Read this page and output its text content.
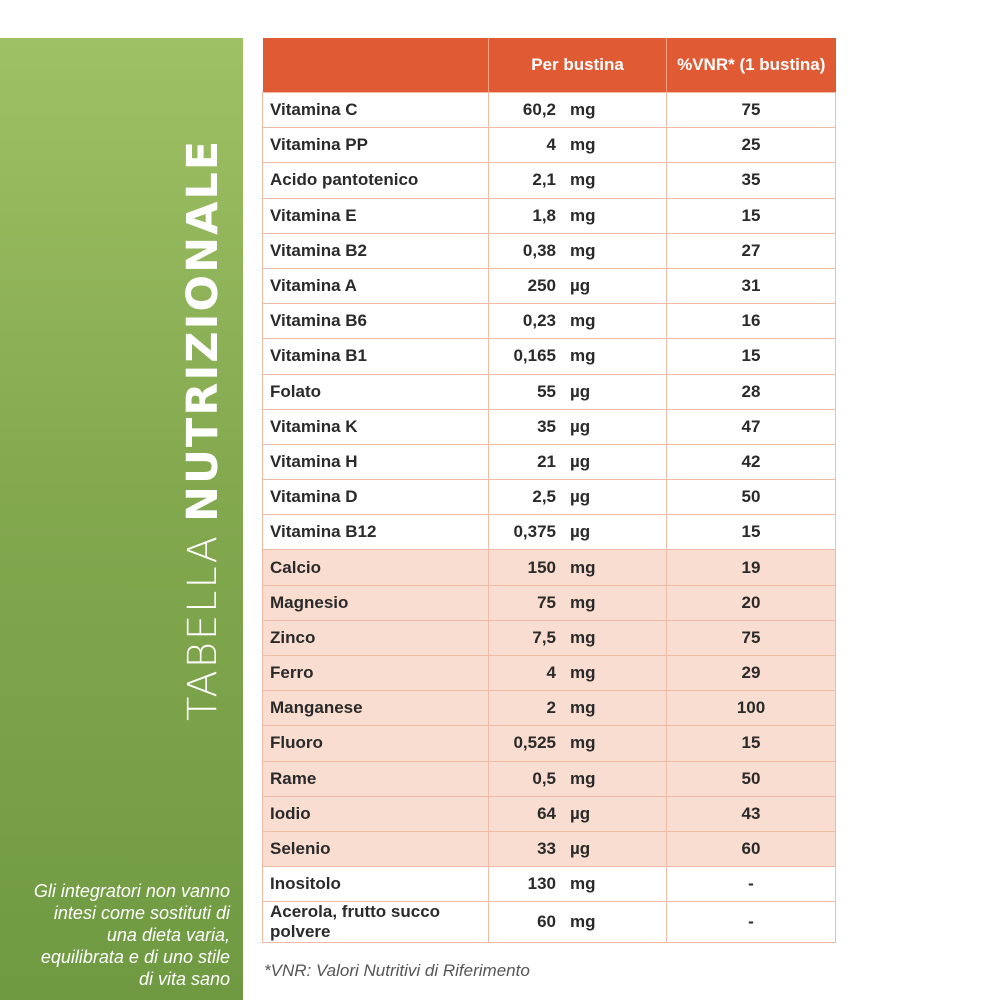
TABELLA
NUTRIZIONALE
Gli integratori non vanno intesi come sostituti di una dieta varia, equilibrata e di uno stile di vita sano
	Per bustina	%VNR* (1 bustina)
Vitamina C	60,2 mg	75
Vitamina PP	4 mg	25
Acido pantotenico	2,1 mg	35
Vitamina E	1,8 mg	15
Vitamina B2	0,38 mg	27
Vitamina A	250 µg	31
Vitamina B6	0,23 mg	16
Vitamina B1	0,165 mg	15
Folato	55 µg	28
Vitamina K	35 µg	47
Vitamina H	21 µg	42
Vitamina D	2,5 µg	50
Vitamina B12	0,375 µg	15
Calcio	150 mg	19
Magnesio	75 mg	20
Zinco	7,5 mg	75
Ferro	4 mg	29
Manganese	2 mg	100
Fluoro	0,525 mg	15
Rame	0,5 mg	50
Iodio	64 µg	43
Selenio	33 µg	60
Inositolo	130 mg	-
Acerola, frutto succo polvere	60 mg	-
*VNR: Valori Nutritivi di Riferimento
